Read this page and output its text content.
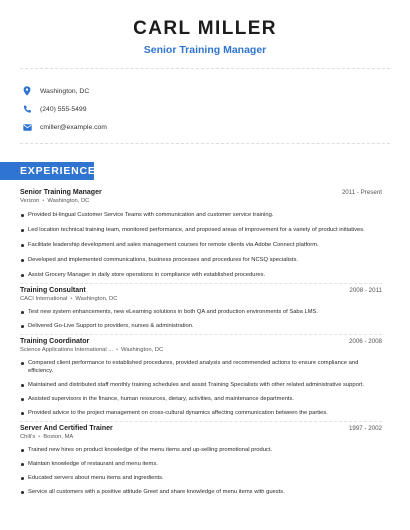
CARL MILLER
Senior Training Manager
Washington, DC
(240) 555-5499
cmiller@example.com
EXPERIENCE
Senior Training Manager	2011 - Present
Verizon • Washington, DC
Provided bi-lingual Customer Service Teams with communication and customer service training.
Led location technical training team, monitored performance, and proposed areas of improvement for a variety of product initiatives.
Facilitate leadership development and sales management courses for remote clients via Adobe Connect platform.
Developed and implemented communications, business processes and procedures for NCSQ specialists.
Assist Grocery Manager in daily store operations in compliance with established procedures.
Training Consultant	2008 - 2011
CACI International • Washington, DC
Test new system enhancements, new eLearning solutions in both QA and production environments of Saba LMS.
Delivered Go-Live Support to providers, nurses & administration.
Training Coordinator	2006 - 2008
Science Applications International ... • Washington, DC
Compared client performance to established procedures, provided analysis and recommended actions to ensure compliance and efficiency.
Maintained and distributed staff monthly training schedules and assist Training Specialists with other related administrative support.
Assisted supervisors in the finance, human resources, dietary, activities, and maintenance departments.
Provided advice to the project management on cross-cultural dynamics affecting communication between the parties.
Server And Certified Trainer	1997 - 2002
Chili's • Boston, MA
Trained new hires on product knowledge of the menu items and up-selling promotional product.
Maintain knowledge of restaurant and menu items.
Educated servers about menu items and ingredients.
Service all customers with a positive attitude Greet and share knowledge of menu items with guests.
